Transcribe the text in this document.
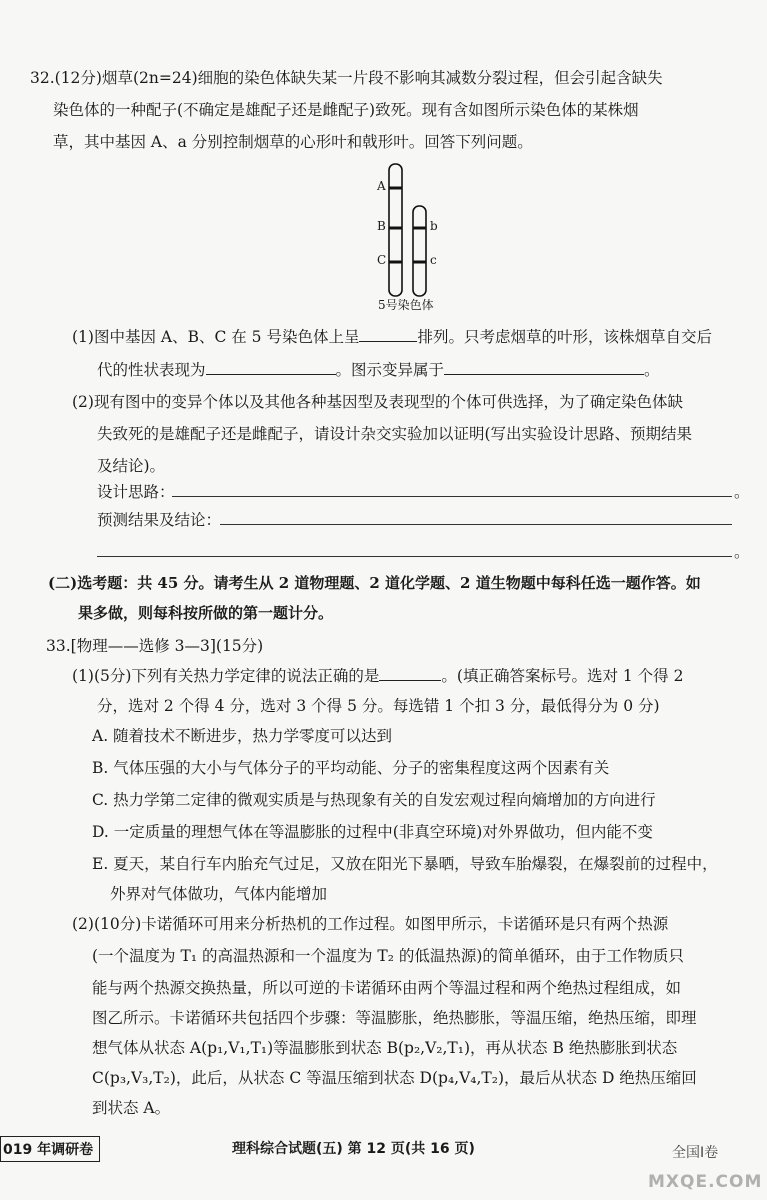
32.(12分)烟草(2n=24)细胞的染色体缺失某一片段不影响其减数分裂过程，但会引起含缺失
染色体的一种配子(不确定是雄配子还是雌配子)致死。现有含如图所示染色体的某株烟
草，其中基因 A、a 分别控制烟草的心形叶和戟形叶。回答下列问题。
A
B
C
b
c
5号染色体
(1)图中基因 A、B、C 在 5 号染色体上呈	排列。只考虑烟草的叶形，该株烟草自交后
代的性状表现为	。图示变异属于	。
(2)现有图中的变异个体以及其他各种基因型及表现型的个体可供选择，为了确定染色体缺
失致死的是雄配子还是雌配子，请设计杂交实验加以证明(写出实验设计思路、预期结果
及结论)。
设计思路：	。
预测结果及结论：
。
(二)选考题：共 45 分。请考生从 2 道物理题、2 道化学题、2 道生物题中每科任选一题作答。如
果多做，则每科按所做的第一题计分。
33.[物理——选修 3—3](15分)
(1)(5分)下列有关热力学定律的说法正确的是	。(填正确答案标号。选对 1 个得 2
分，选对 2 个得 4 分，选对 3 个得 5 分。每选错 1 个扣 3 分，最低得分为 0 分)
A. 随着技术不断进步，热力学零度可以达到
B. 气体压强的大小与气体分子的平均动能、分子的密集程度这两个因素有关
C. 热力学第二定律的微观实质是与热现象有关的自发宏观过程向熵增加的方向进行
D. 一定质量的理想气体在等温膨胀的过程中(非真空环境)对外界做功，但内能不变
E. 夏天，某自行车内胎充气过足，又放在阳光下暴晒，导致车胎爆裂，在爆裂前的过程中，
外界对气体做功，气体内能增加
(2)(10分)卡诺循环可用来分析热机的工作过程。如图甲所示，卡诺循环是只有两个热源
(一个温度为 T₁ 的高温热源和一个温度为 T₂ 的低温热源)的简单循环，由于工作物质只
能与两个热源交换热量，所以可逆的卡诺循环由两个等温过程和两个绝热过程组成，如
图乙所示。卡诺循环共包括四个步骤：等温膨胀，绝热膨胀，等温压缩，绝热压缩，即理
想气体从状态 A(p₁,V₁,T₁)等温膨胀到状态 B(p₂,V₂,T₁)，再从状态 B 绝热膨胀到状态
C(p₃,V₃,T₂)，此后，从状态 C 等温压缩到状态 D(p₄,V₄,T₂)，最后从状态 D 绝热压缩回
到状态 A。
019 年调研卷	理科综合试题(五) 第 12 页(共 16 页)	全国Ⅰ卷
MXQE.COM
